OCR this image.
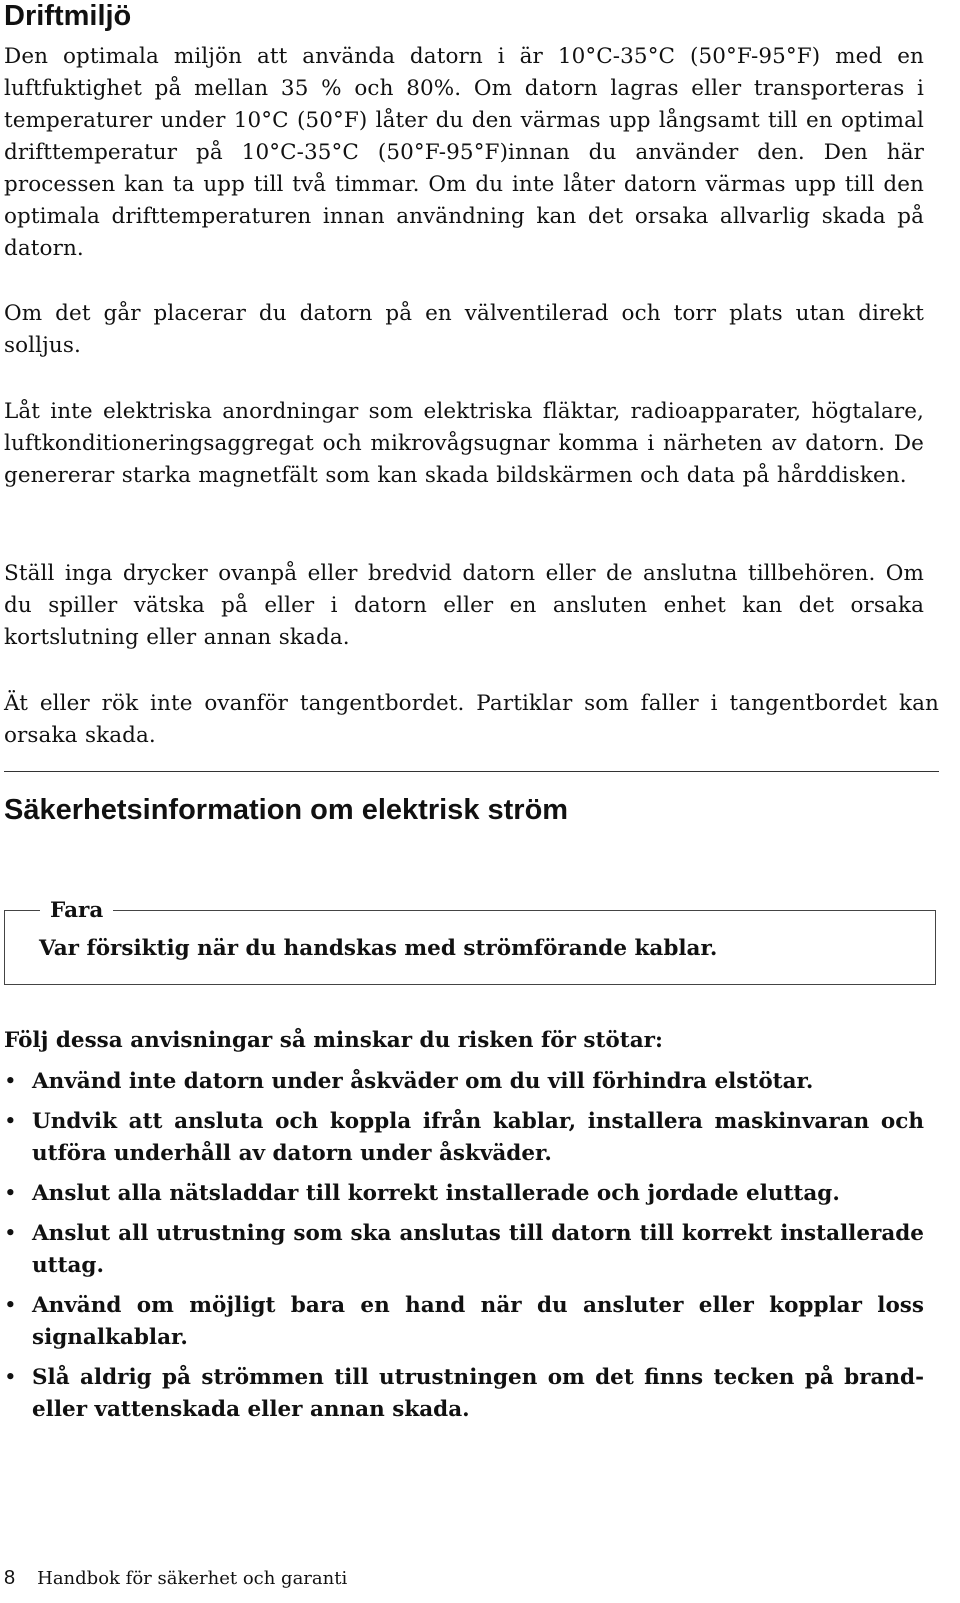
Driftmiljö

Den optimala miljön att använda datorn i är 10°C-35°C (50°F-95°F) med en luftfuktighet på mellan 35 % och 80%. Om datorn lagras eller transporteras i temperaturer under 10°C (50°F) låter du den värmas upp långsamt till en optimal drifttemperatur på 10°C-35°C (50°F-95°F)innan du använder den. Den här processen kan ta upp till två timmar. Om du inte låter datorn värmas upp till den optimala drifttemperaturen innan användning kan det orsaka allvarlig skada på datorn.

Om det går placerar du datorn på en välventilerad och torr plats utan direkt solljus.

Låt inte elektriska anordningar som elektriska fläktar, radioapparater, högtalare, luftkonditioneringsaggregat och mikrovågsugnar komma i närheten av datorn. De genererar starka magnetfält som kan skada bildskärmen och data på hårddisken.

Ställ inga drycker ovanpå eller bredvid datorn eller de anslutna tillbehören. Om du spiller vätska på eller i datorn eller en ansluten enhet kan det orsaka kortslutning eller annan skada.

Ät eller rök inte ovanför tangentbordet. Partiklar som faller i tangentbordet kan orsaka skada.

Säkerhetsinformation om elektrisk ström
Fara
Var försiktig när du handskas med strömförande kablar.

Följ dessa anvisningar så minskar du risken för stötar:

• Använd inte datorn under åskväder om du vill förhindra elstötar.
• Undvik att ansluta och koppla ifrån kablar, installera maskinvaran och utföra underhåll av datorn under åskväder.
• Anslut alla nätsladdar till korrekt installerade och jordade eluttag.
• Anslut all utrustning som ska anslutas till datorn till korrekt installerade uttag.
• Använd om möjligt bara en hand när du ansluter eller kopplar loss signalkablar.
• Slå aldrig på strömmen till utrustningen om det finns tecken på brand- eller vattenskada eller annan skada.
8 Handbok för säkerhet och garanti
